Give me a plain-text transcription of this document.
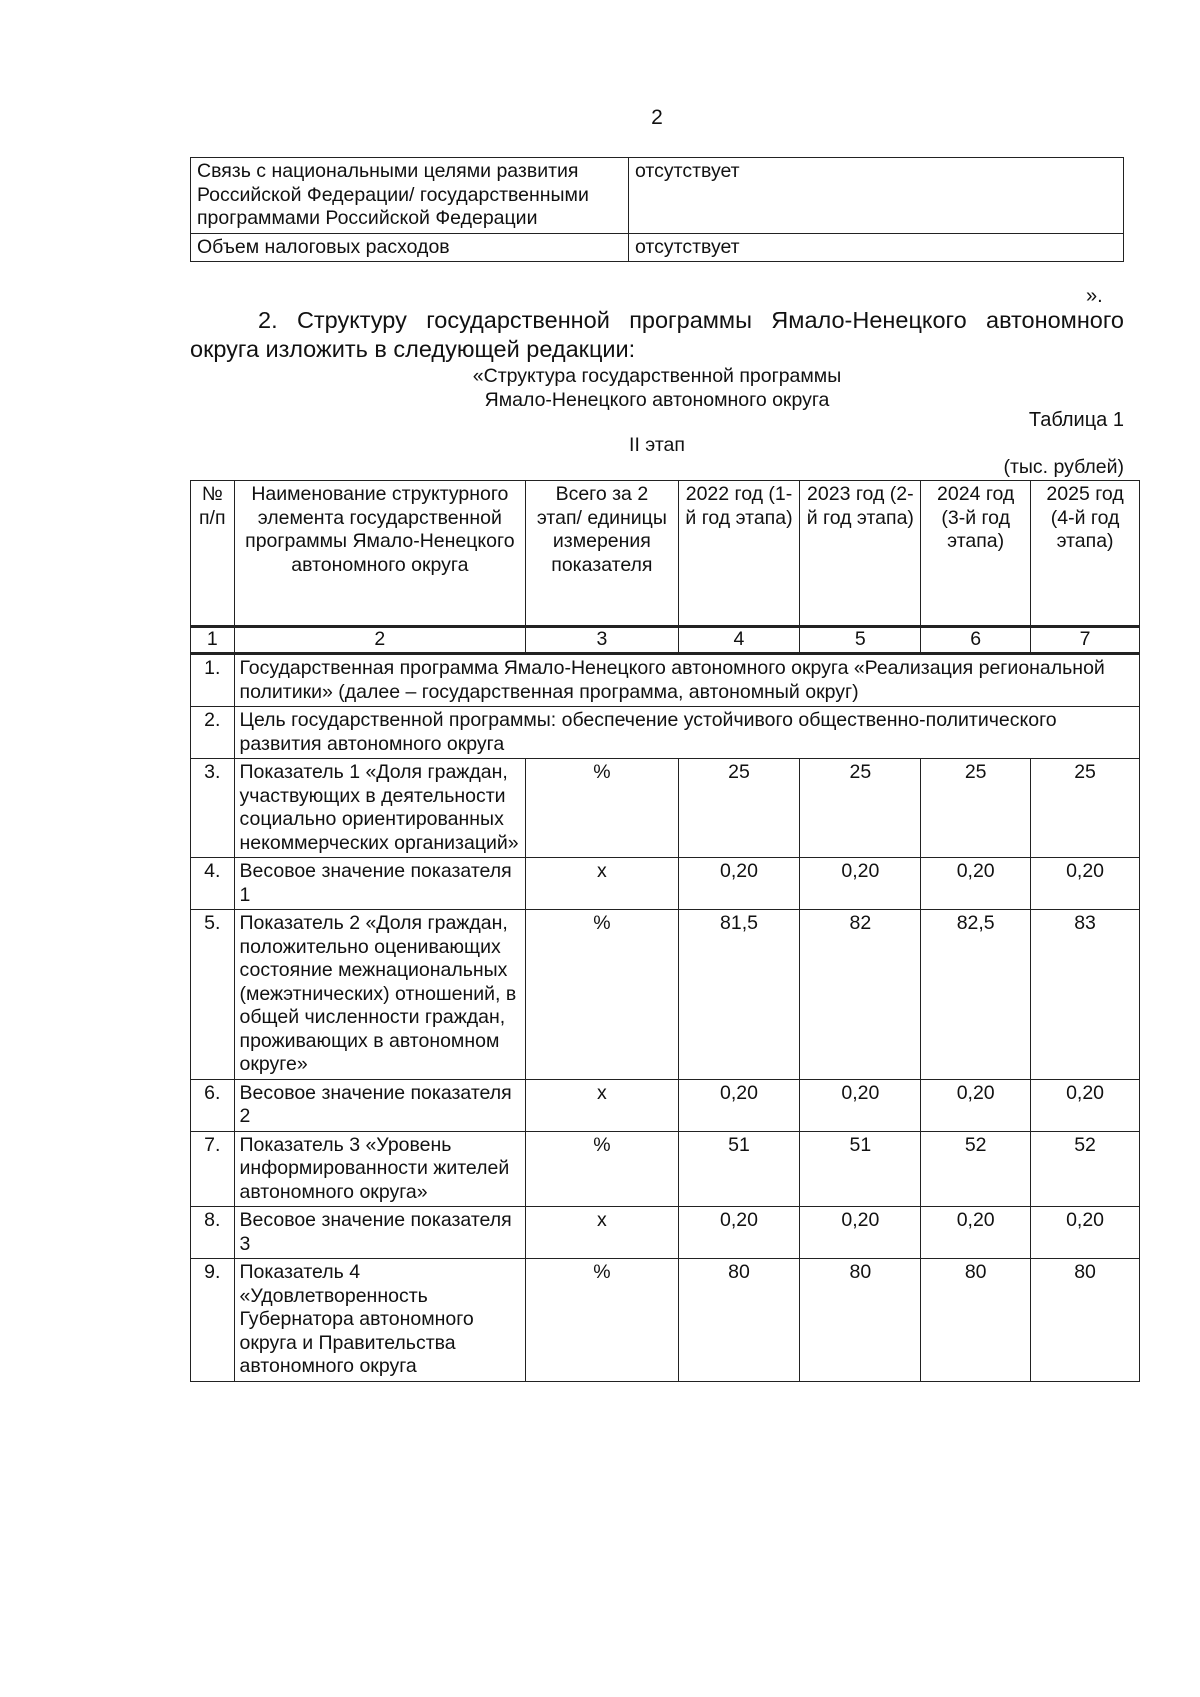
2
Связь с национальными целями развития Российской Федерации/ государственными программами Российской Федерации	отсутствует
Объем налоговых расходов	отсутствует
».
2. Структуру государственной программы Ямало-Ненецкого автономного округа изложить в следующей редакции:
«Структура государственной программы
Ямало-Ненецкого автономного округа
Таблица 1
II этап
(тыс. рублей)
№ п/п	Наименование структурного элемента государственной программы Ямало-Ненецкого автономного округа	Всего за 2 этап/ единицы измерения показателя	2022 год (1-й год этапа)	2023 год (2-й год этапа)	2024 год (3-й год этапа)	2025 год (4-й год этапа)
1	2	3	4	5	6	7
1.	Государственная программа Ямало-Ненецкого автономного округа «Реализация региональной политики» (далее – государственная программа, автономный округ)					
2.	Цель государственной программы: обеспечение устойчивого общественно-политического развития автономного округа					
3.	Показатель 1 «Доля граждан, участвующих в деятельности социально ориентированных некоммерческих организаций»	%	25	25	25	25
4.	Весовое значение показателя 1	х	0,20	0,20	0,20	0,20
5.	Показатель 2 «Доля граждан, положительно оценивающих состояние межнациональных (межэтнических) отношений, в общей численности граждан, проживающих в автономном округе»	%	81,5	82	82,5	83
6.	Весовое значение показателя 2	х	0,20	0,20	0,20	0,20
7.	Показатель 3 «Уровень информированности жителей автономного округа»	%	51	51	52	52
8.	Весовое значение показателя 3	х	0,20	0,20	0,20	0,20
9.	Показатель 4 «Удовлетворенность Губернатора автономного округа и Правительства автономного округа	%	80	80	80	80
